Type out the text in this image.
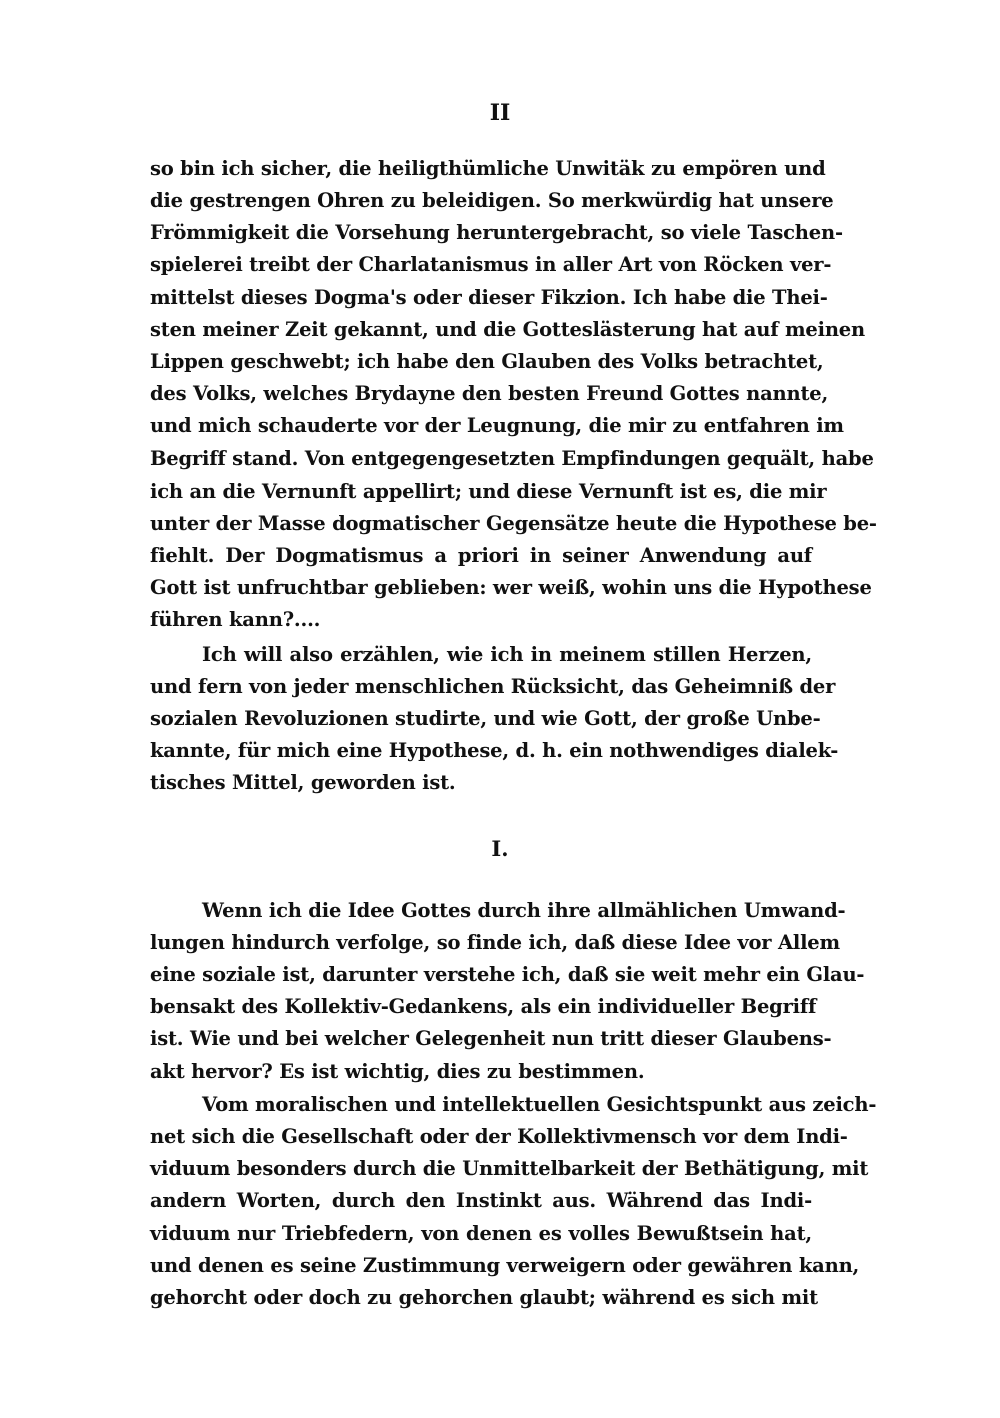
II
so bin ich sicher, die heiligthümliche Unwitäk zu empören und
die gestrengen Ohren zu beleidigen. So merkwürdig hat unsere
Frömmigkeit die Vorsehung heruntergebracht, so viele Taschen-
spielerei treibt der Charlatanismus in aller Art von Röcken ver-
mittelst dieses Dogma's oder dieser Fikzion. Ich habe die Thei-
sten meiner Zeit gekannt, und die Gotteslästerung hat auf meinen
Lippen geschwebt; ich habe den Glauben des Volks betrachtet,
des Volks, welches Brydayne den besten Freund Gottes nannte,
und mich schauderte vor der Leugnung, die mir zu entfahren im
Begriff stand. Von entgegengesetzten Empfindungen gequält, habe
ich an die Vernunft appellirt; und diese Vernunft ist es, die mir
unter der Masse dogmatischer Gegensätze heute die Hypothese be-
fiehlt. Der Dogmatismus a priori in seiner Anwendung auf
Gott ist unfruchtbar geblieben: wer weiß, wohin uns die Hypothese
führen kann?....
Ich will also erzählen, wie ich in meinem stillen Herzen,
und fern von jeder menschlichen Rücksicht, das Geheimniß der
sozialen Revoluzionen studirte, und wie Gott, der große Unbe-
kannte, für mich eine Hypothese, d. h. ein nothwendiges dialek-
tisches Mittel, geworden ist.
I.
Wenn ich die Idee Gottes durch ihre allmählichen Umwand-
lungen hindurch verfolge, so finde ich, daß diese Idee vor Allem
eine soziale ist, darunter verstehe ich, daß sie weit mehr ein Glau-
bensakt des Kollektiv-Gedankens, als ein individueller Begriff
ist. Wie und bei welcher Gelegenheit nun tritt dieser Glaubens-
akt hervor? Es ist wichtig, dies zu bestimmen.
Vom moralischen und intellektuellen Gesichtspunkt aus zeich-
net sich die Gesellschaft oder der Kollektivmensch vor dem Indi-
viduum besonders durch die Unmittelbarkeit der Bethätigung, mit
andern Worten, durch den Instinkt aus. Während das Indi-
viduum nur Triebfedern, von denen es volles Bewußtsein hat,
und denen es seine Zustimmung verweigern oder gewähren kann,
gehorcht oder doch zu gehorchen glaubt; während es sich mit
